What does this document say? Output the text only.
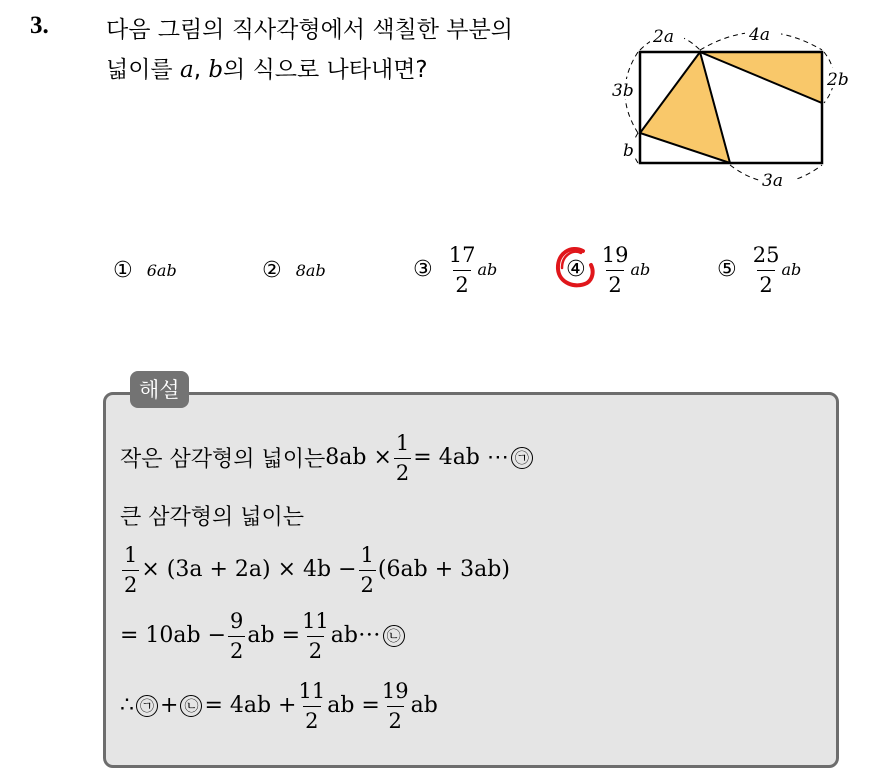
3. 다음 그림의 직사각형에서 색칠한 부분의
넓이를 a, b의 식으로 나타내면?
2a	4a
3b
b
2b
3a
① 6ab	② 8ab	③ $\frac{17}{2}$ ab	④ $\frac{19}{2}$ ab	⑤ $\frac{25}{2}$ ab
해설
작은 삼각형의 넓이는 $8ab \times \frac{1}{2} = 4ab$ ⋯ ㉠
큰 삼각형의 넓이는
$\frac{1}{2} \times (3a + 2a) \times 4b - \frac{1}{2} (6ab + 3ab)$
= $10ab - \frac{9}{2}$ ab = $\frac{11}{2} ab\cdot\cdot\cdot$ ㉡
∴ ㉠ + ㉡ = $4ab + \frac{11}{2}$ ab = $\frac{19}{2}$ ab
